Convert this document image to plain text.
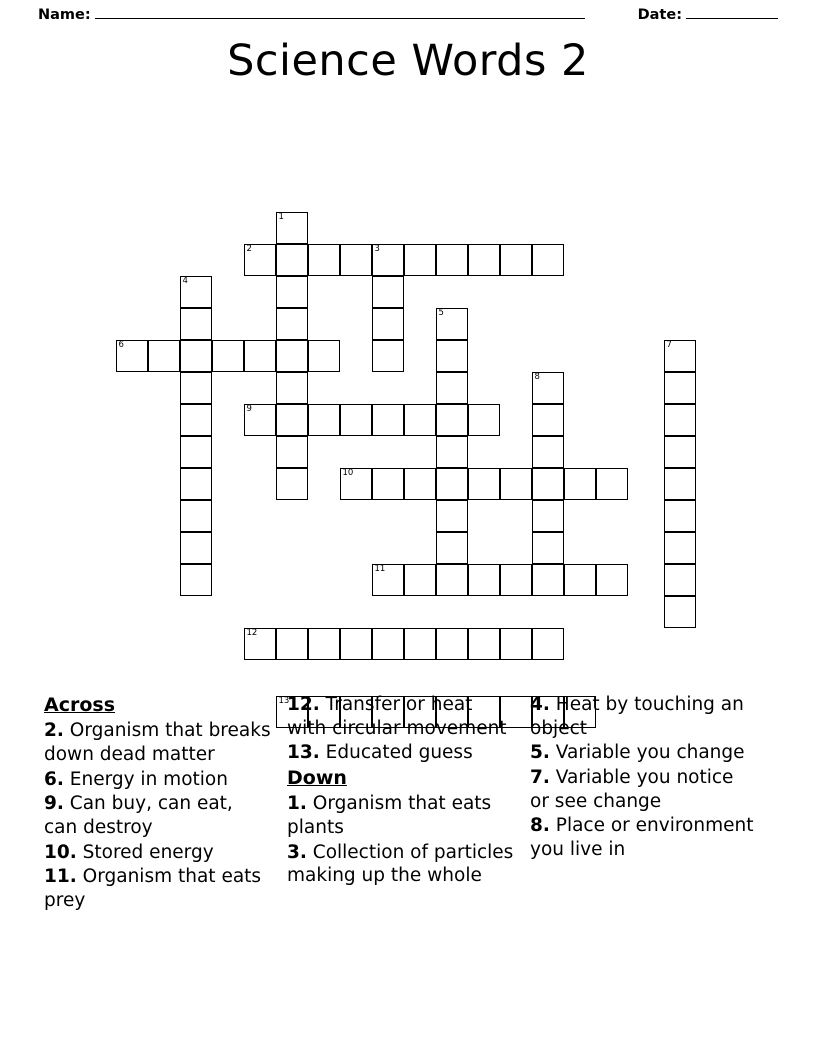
Name:	Date:
Science Words 2
1
2	3
4
5
6	7
8
9
10
11
12
13
Across
2. Organism that breaks down dead matter
6. Energy in motion
9. Can buy, can eat, can destroy
10. Stored energy
11. Organism that eats prey
12. Transfer or heat with circular movement
13. Educated guess
Down
1. Organism that eats plants
3. Collection of particles making up the whole
4. Heat by touching an object
5. Variable you change
7. Variable you notice or see change
8. Place or environment you live in
